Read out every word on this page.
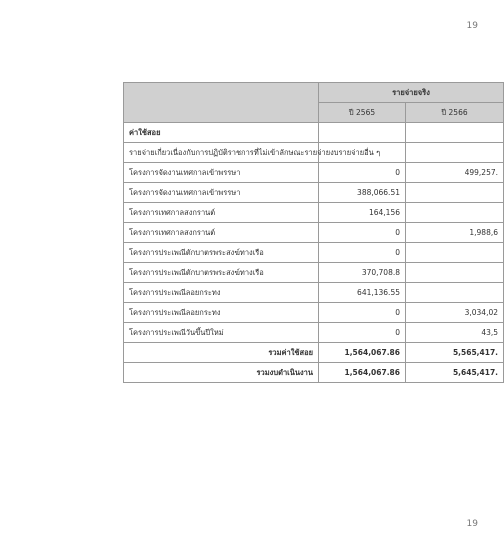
19
	รายจ่ายจริง	
	ปี 2565	ปี 2566
ค่าใช้สอย		
รายจ่ายเกี่ยวเนื่องกับการปฏิบัติราชการที่ไม่เข้าลักษณะรายจ่ายงบรายจ่ายอื่น ๆ		
โครงการจัดงานเทศกาลเข้าพรรษา	0	499,257.
โครงการจัดงานเทศกาลเข้าพรรษา	388,066.51	
โครงการเทศกาลสงกรานต์	164,156	
โครงการเทศกาลสงกรานต์	0	1,988,6
โครงการประเพณีตักบาตรพระสงฆ์ทางเรือ	0	
โครงการประเพณีตักบาตรพระสงฆ์ทางเรือ	370,708.8	
โครงการประเพณีลอยกระทง	641,136.55	
โครงการประเพณีลอยกระทง	0	3,034,02
โครงการประเพณีวันขึ้นปีใหม่	0	43,5
รวมค่าใช้สอย	1,564,067.86	5,565,417.
รวมงบดำเนินงาน	1,564,067.86	5,645,417.
19
